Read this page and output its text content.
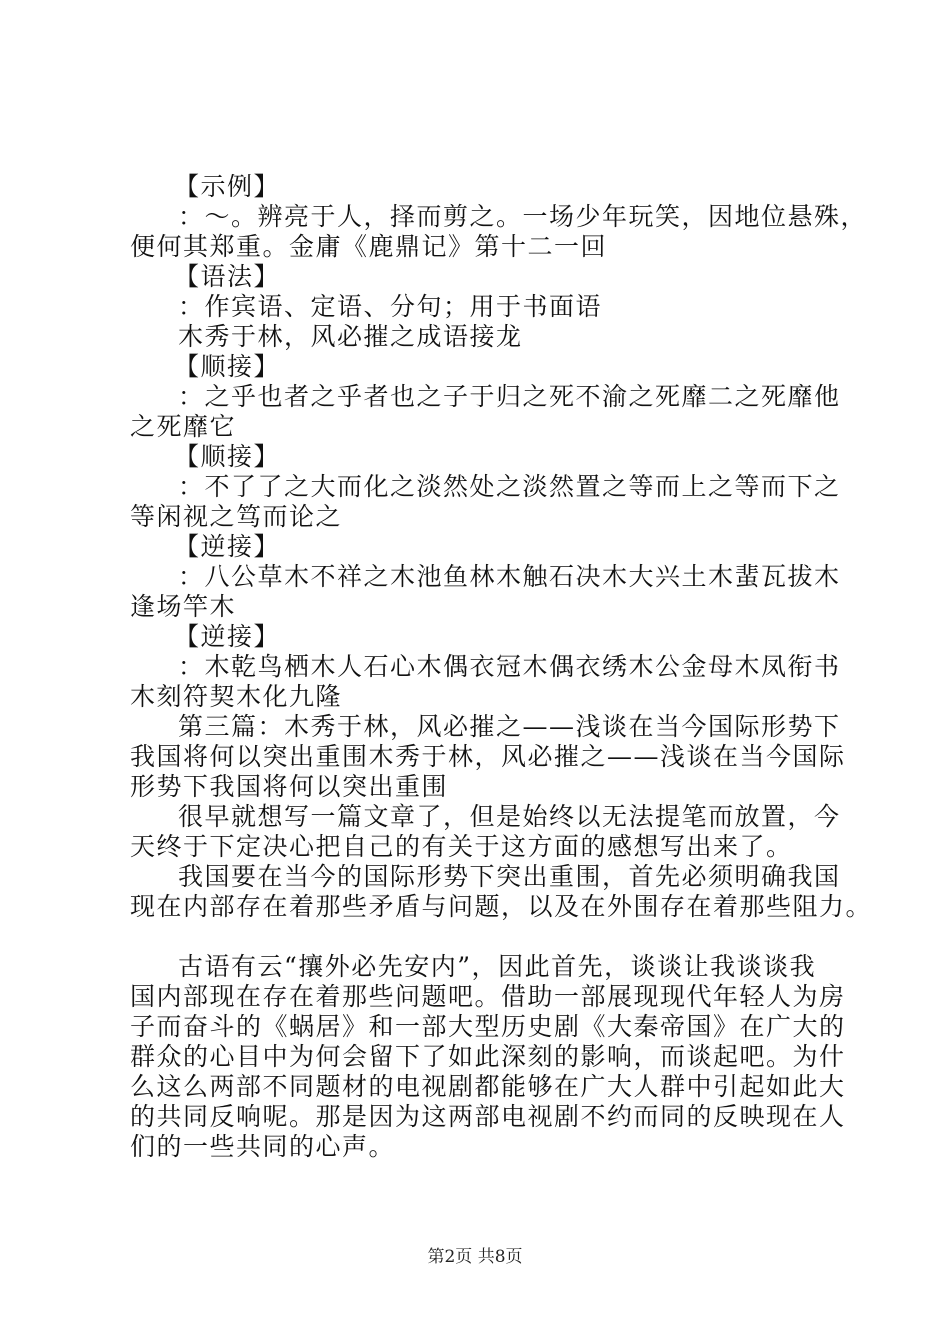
【示例】
：～。辨亮于人，择而剪之。一场少年玩笑，因地位悬殊，
便何其郑重。金庸《鹿鼎记》第十二一回
【语法】
：作宾语、定语、分句；用于书面语
木秀于林，风必摧之成语接龙
【顺接】
：之乎也者之乎者也之子于归之死不渝之死靡二之死靡他
之死靡它
【顺接】
：不了了之大而化之淡然处之淡然置之等而上之等而下之
等闲视之笃而论之
【逆接】
：八公草木不祥之木池鱼林木触石决木大兴土木蜚瓦拔木
逢场竿木
【逆接】
：木乾鸟栖木人石心木偶衣冠木偶衣绣木公金母木凤衔书
木刻符契木化九隆
第三篇：木秀于林，风必摧之——浅谈在当今国际形势下
我国将何以突出重围木秀于林，风必摧之——浅谈在当今国际
形势下我国将何以突出重围
很早就想写一篇文章了，但是始终以无法提笔而放置，今
天终于下定决心把自己的有关于这方面的感想写出来了。
我国要在当今的国际形势下突出重围，首先必须明确我国
现在内部存在着那些矛盾与问题，以及在外围存在着那些阻力。
古语有云“攘外必先安内”，因此首先，谈谈让我谈谈我
国内部现在存在着那些问题吧。借助一部展现现代年轻人为房
子而奋斗的《蜗居》和一部大型历史剧《大秦帝国》在广大的
群众的心目中为何会留下了如此深刻的影响，而谈起吧。为什
么这么两部不同题材的电视剧都能够在广大人群中引起如此大
的共同反响呢。那是因为这两部电视剧不约而同的反映现在人
们的一些共同的心声。
第2页 共8页
